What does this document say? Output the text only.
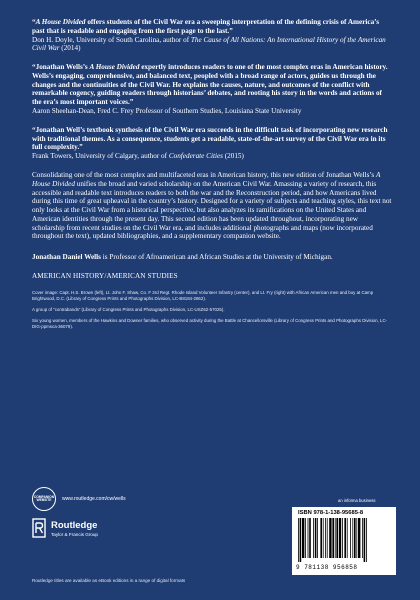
“A House Divided offers students of the Civil War era a sweeping interpretation of the defining crisis of America’s past that is readable and engaging from the first page to the last.”
Don H. Doyle, University of South Carolina, author of The Cause of All Nations: An International History of the American Civil War (2014)

“Jonathan Wells’s A House Divided expertly introduces readers to one of the most complex eras in American history. Wells’s engaging, comprehensive, and balanced text, peopled with a broad range of actors, guides us through the changes and the continuities of the Civil War. He explains the causes, nature, and outcomes of the conflict with remarkable cogency, guiding readers through historians’ debates, and rooting his story in the words and actions of the era’s most important voices.”
Aaron Sheehan-Dean, Fred C. Frey Professor of Southern Studies, Louisiana State University

“Jonathan Well’s textbook synthesis of the Civil War era succeeds in the difficult task of incorporating new research with traditional themes. As a consequence, students get a readable, state-of-the-art survey of the Civil War era in its full complexity.”
Frank Towers, University of Calgary, author of Confederate Cities (2015)

Consolidating one of the most complex and multifaceted eras in American history, this new edition of Jonathan Wells’s A House Divided unifies the broad and varied scholarship on the American Civil War. Amassing a variety of research, this accessible and readable text introduces readers to both the war and the Reconstruction period, and how Americans lived during this time of great upheaval in the country’s history. Designed for a variety of subjects and teaching styles, this text not only looks at the Civil War from a historical perspective, but also analyzes its ramifications on the United States and American identities through the present day. This second edition has been updated throughout, incorporating new scholarship from recent studies on the Civil War era, and includes additional photographs and maps (now incorporated throughout the text), updated bibliographies, and a supplementary companion website.

Jonathan Daniel Wells is Professor of Afroamerican and African Studies at the University of Michigan.

AMERICAN HISTORY/AMERICAN STUDIES

Cover image: Capt. H.S. Brown (left), Lt. John F. Shaw, Co. F 3rd Regt. Rhode Island Volunteer Infantry (center), and Lt. Fry (right) with African American men and boy at Camp Brightwood, D.C. (Library of Congress Prints and Photographs Division, LC-B8184-2862).

A group of “contrabands” (Library of Congress Prints and Photographs Division, LC-USZ62-57025).

Six young women, members of the Hawkins and Downer families, who observed activity during the Battle at Chancellorsville (Library of Congress Prints and Photographs Division, LC-DIG-ppmsca-36079).

COMPANION
WEBSITE www.routledge.com/cw/wells
Routledge
Taylor & Francis Group
Routledge titles are available as eBook editions in a range of digital formats
an informa business
ISBN 978-1-138-95685-8
9 781138 956858
